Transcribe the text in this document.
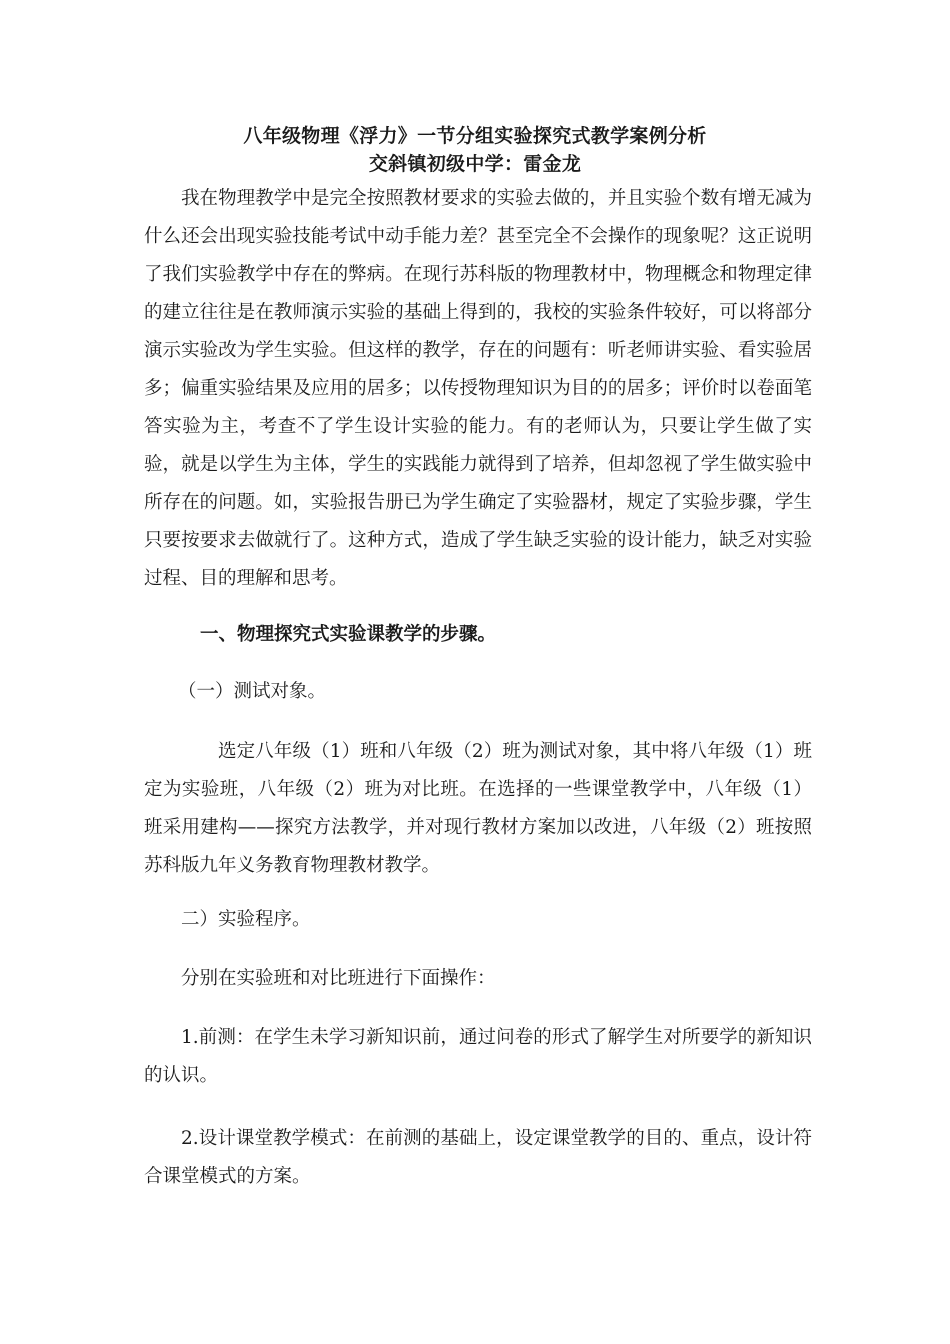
八年级物理《浮力》一节分组实验探究式教学案例分析
交斜镇初级中学：雷金龙

我在物理教学中是完全按照教材要求的实验去做的，并且实验个数有增无减为什么还会出现实验技能考试中动手能力差？甚至完全不会操作的现象呢？这正说明了我们实验教学中存在的弊病。在现行苏科版的物理教材中，物理概念和物理定律的建立往往是在教师演示实验的基础上得到的，我校的实验条件较好，可以将部分演示实验改为学生实验。但这样的教学，存在的问题有：听老师讲实验、看实验居多；偏重实验结果及应用的居多；以传授物理知识为目的的居多；评价时以卷面笔答实验为主，考查不了学生设计实验的能力。有的老师认为，只要让学生做了实验，就是以学生为主体，学生的实践能力就得到了培养，但却忽视了学生做实验中所存在的问题。如，实验报告册已为学生确定了实验器材，规定了实验步骤，学生只要按要求去做就行了。这种方式，造成了学生缺乏实验的设计能力，缺乏对实验过程、目的理解和思考。

一、物理探究式实验课教学的步骤。

（一）测试对象。

选定八年级（1）班和八年级（2）班为测试对象，其中将八年级（1）班定为实验班，八年级（2）班为对比班。在选择的一些课堂教学中，八年级（1）班采用建构——探究方法教学，并对现行教材方案加以改进，八年级（2）班按照苏科版九年义务教育物理教材教学。

二）实验程序。

分别在实验班和对比班进行下面操作：

1.前测：在学生未学习新知识前，通过问卷的形式了解学生对所要学的新知识的认识。

2.设计课堂教学模式：在前测的基础上，设定课堂教学的目的、重点，设计符合课堂模式的方案。
